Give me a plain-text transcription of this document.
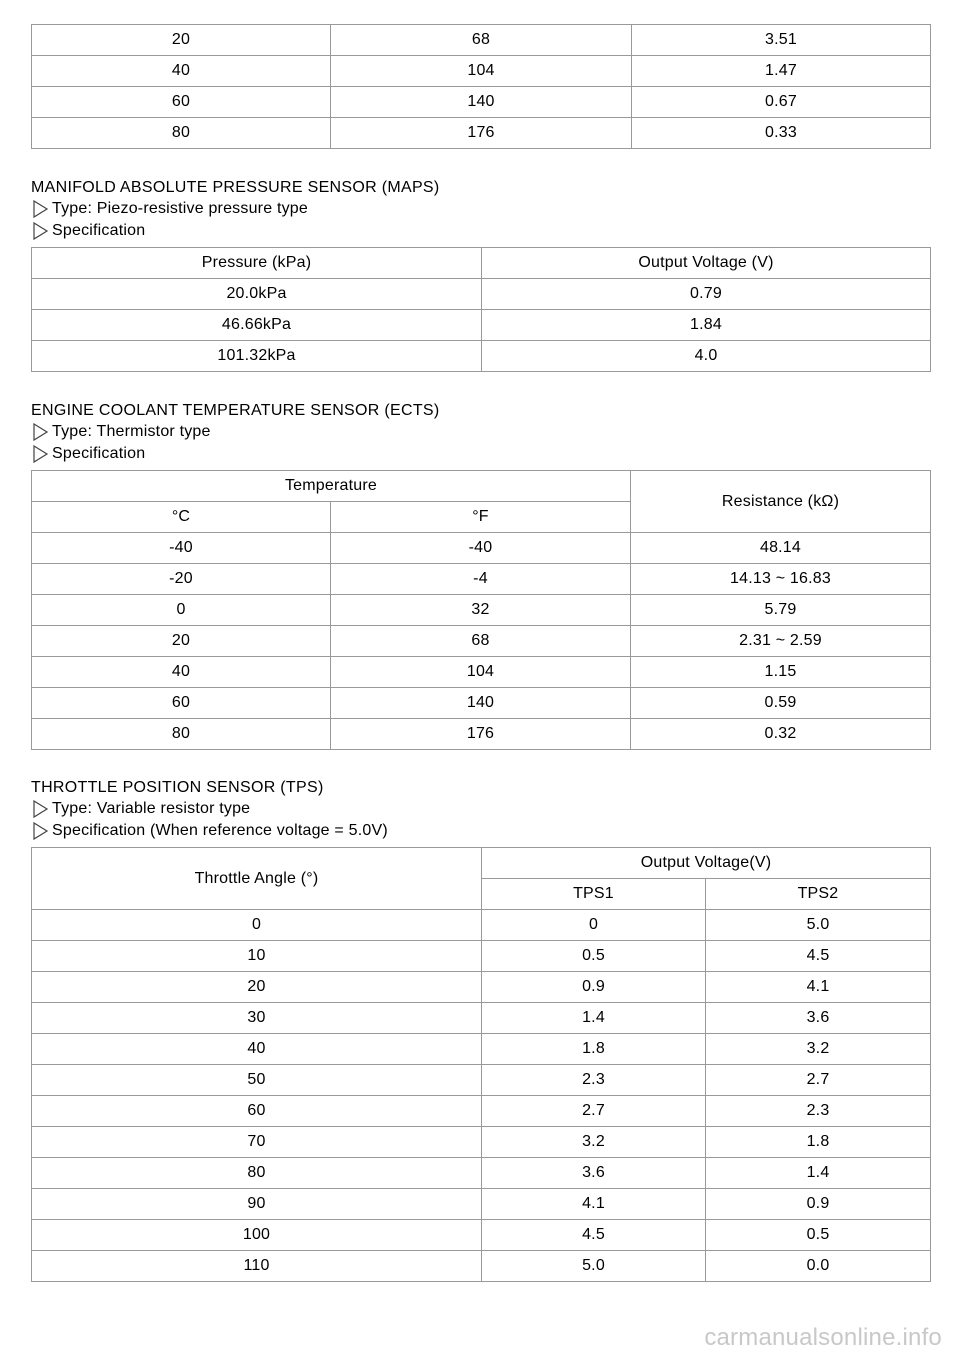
20	68	3.51
40	104	1.47
60	140	0.67
80	176	0.33
MANIFOLD ABSOLUTE PRESSURE SENSOR (MAPS)
Type: Piezo-resistive pressure type
Specification
Pressure (kPa)	Output Voltage (V)
20.0kPa	0.79
46.66kPa	1.84
101.32kPa	4.0
ENGINE COOLANT TEMPERATURE SENSOR (ECTS)
Type: Thermistor type
Specification
Temperature		Resistance (kΩ)
°C	°F	
-40	-40	48.14
-20	-4	14.13 ~ 16.83
0	32	5.79
20	68	2.31 ~ 2.59
40	104	1.15
60	140	0.59
80	176	0.32
THROTTLE POSITION SENSOR (TPS)
Type: Variable resistor type
Specification (When reference voltage = 5.0V)
Throttle Angle (°)	Output Voltage(V)	
	TPS1	TPS2
0	0	5.0
10	0.5	4.5
20	0.9	4.1
30	1.4	3.6
40	1.8	3.2
50	2.3	2.7
60	2.7	2.3
70	3.2	1.8
80	3.6	1.4
90	4.1	0.9
100	4.5	0.5
110	5.0	0.0
carmanualsonline.info
